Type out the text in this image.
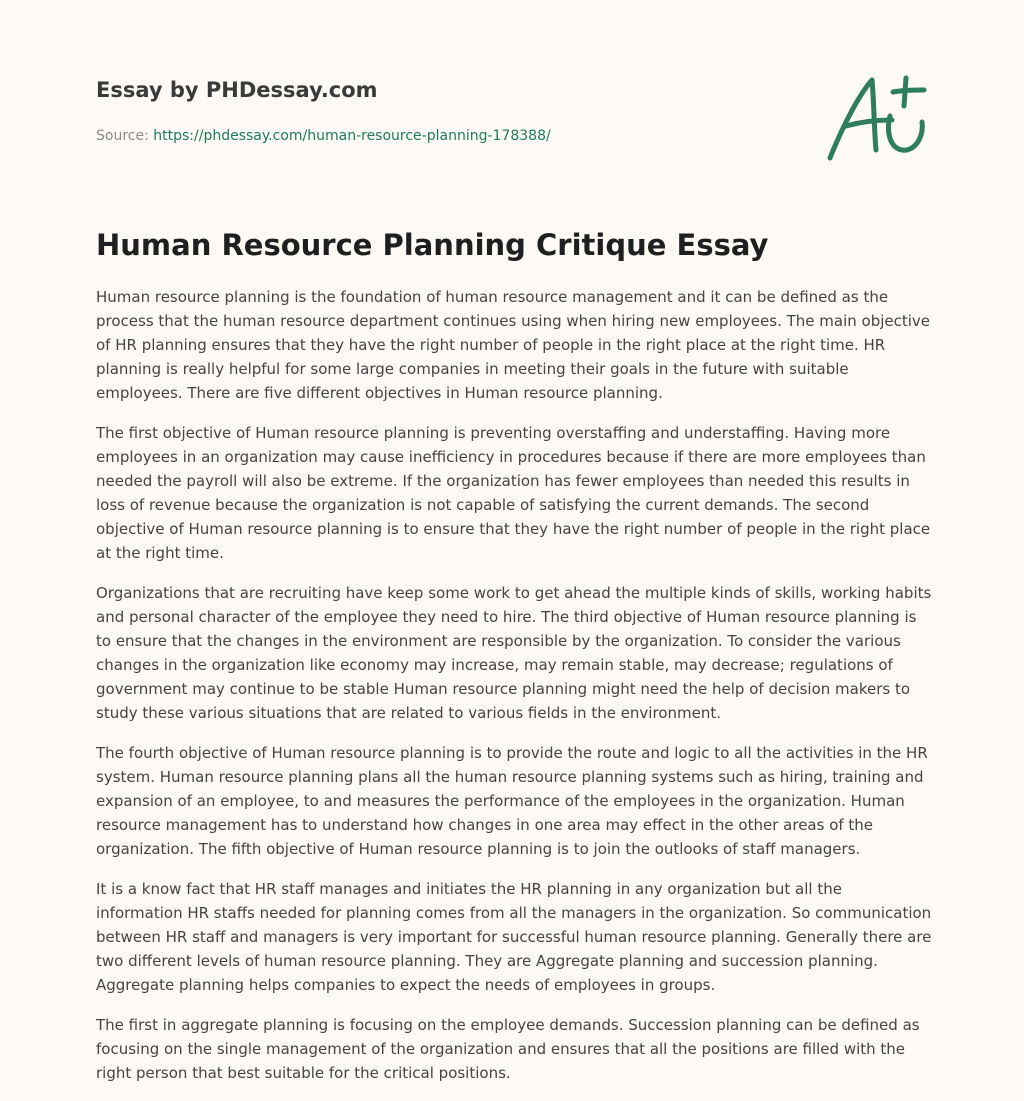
Essay by PHDessay.com
Source: https://phdessay.com/human-resource-planning-178388/
Human Resource Planning Critique Essay

Human resource planning is the foundation of human resource management and it can be defined as the process that the human resource department continues using when hiring new employees. The main objective of HR planning ensures that they have the right number of people in the right place at the right time. HR planning is really helpful for some large companies in meeting their goals in the future with suitable employees. There are five different objectives in Human resource planning.

The first objective of Human resource planning is preventing overstaffing and understaffing. Having more employees in an organization may cause inefficiency in procedures because if there are more employees than needed the payroll will also be extreme. If the organization has fewer employees than needed this results in loss of revenue because the organization is not capable of satisfying the current demands. The second objective of Human resource planning is to ensure that they have the right number of people in the right place at the right time.

Organizations that are recruiting have keep some work to get ahead the multiple kinds of skills, working habits and personal character of the employee they need to hire. The third objective of Human resource planning is to ensure that the changes in the environment are responsible by the organization. To consider the various changes in the organization like economy may increase, may remain stable, may decrease; regulations of government may continue to be stable Human resource planning might need the help of decision makers to study these various situations that are related to various fields in the environment.

The fourth objective of Human resource planning is to provide the route and logic to all the activities in the HR system. Human resource planning plans all the human resource planning systems such as hiring, training and expansion of an employee, to and measures the performance of the employees in the organization. Human resource management has to understand how changes in one area may effect in the other areas of the organization. The fifth objective of Human resource planning is to join the outlooks of staff managers.

It is a know fact that HR staff manages and initiates the HR planning in any organization but all the information HR staffs needed for planning comes from all the managers in the organization. So communication between HR staff and managers is very important for successful human resource planning. Generally there are two different levels of human resource planning. They are Aggregate planning and succession planning. Aggregate planning helps companies to expect the needs of employees in groups.

The first in aggregate planning is focusing on the employee demands. Succession planning can be defined as focusing on the single management of the organization and ensures that all the positions are filled with the right person that best suitable for the critical positions.
